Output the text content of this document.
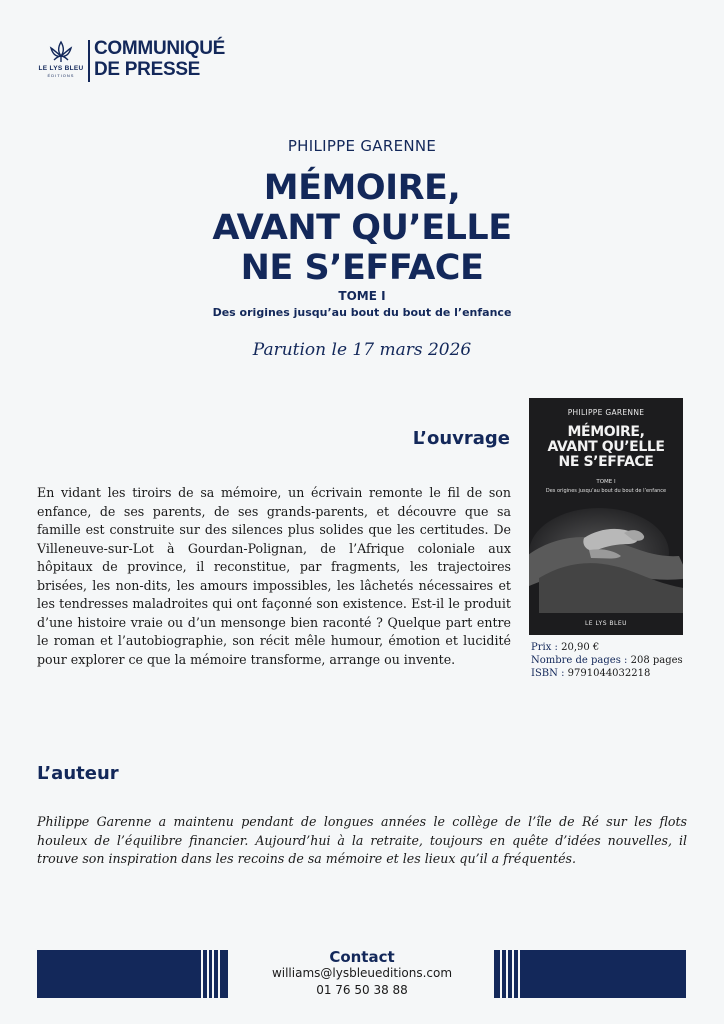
LE LYS BLEU
ÉDITIONS
COMMUNIQUÉ
DE PRESSE
PHILIPPE GARENNE
MÉMOIRE,
AVANT QU’ELLE
NE S’EFFACE
TOME I
Des origines jusqu’au bout du bout de l’enfance
Parution le 17 mars 2026
L’ouvrage

En vidant les tiroirs de sa mémoire, un écrivain remonte le fil de son enfance, de ses parents, de ses grands-parents, et découvre que sa famille est construite sur des silences plus solides que les certitudes. De Villeneuve-sur-Lot à Gourdan-Polignan, de l’Afrique coloniale aux hôpitaux de province, il reconstitue, par fragments, les trajectoires brisées, les non-dits, les amours impossibles, les lâchetés nécessaires et les tendresses maladroites qui ont façonné son existence. Est-il le produit d’une histoire vraie ou d’un mensonge bien raconté ? Quelque part entre le roman et l’autobiographie, son récit mêle humour, émotion et lucidité pour explorer ce que la mémoire transforme, arrange ou invente.

PHILIPPE GARENNE
MÉMOIRE,
AVANT QU’ELLE
NE S’EFFACE
TOME I
Des origines jusqu’au bout du bout de l’enfance
LE LYS BLEU
Prix : 20,90 €
Nombre de pages : 208 pages
ISBN : 9791044032218
L’auteur

Philippe Garenne a maintenu pendant de longues années le collège de l’île de Ré sur les flots houleux de l’équilibre financier. Aujourd’hui à la retraite, toujours en quête d’idées nouvelles, il trouve son inspiration dans les recoins de sa mémoire et les lieux qu’il a fréquentés.

Contact
williams@lysbleueditions.com
01 76 50 38 88
